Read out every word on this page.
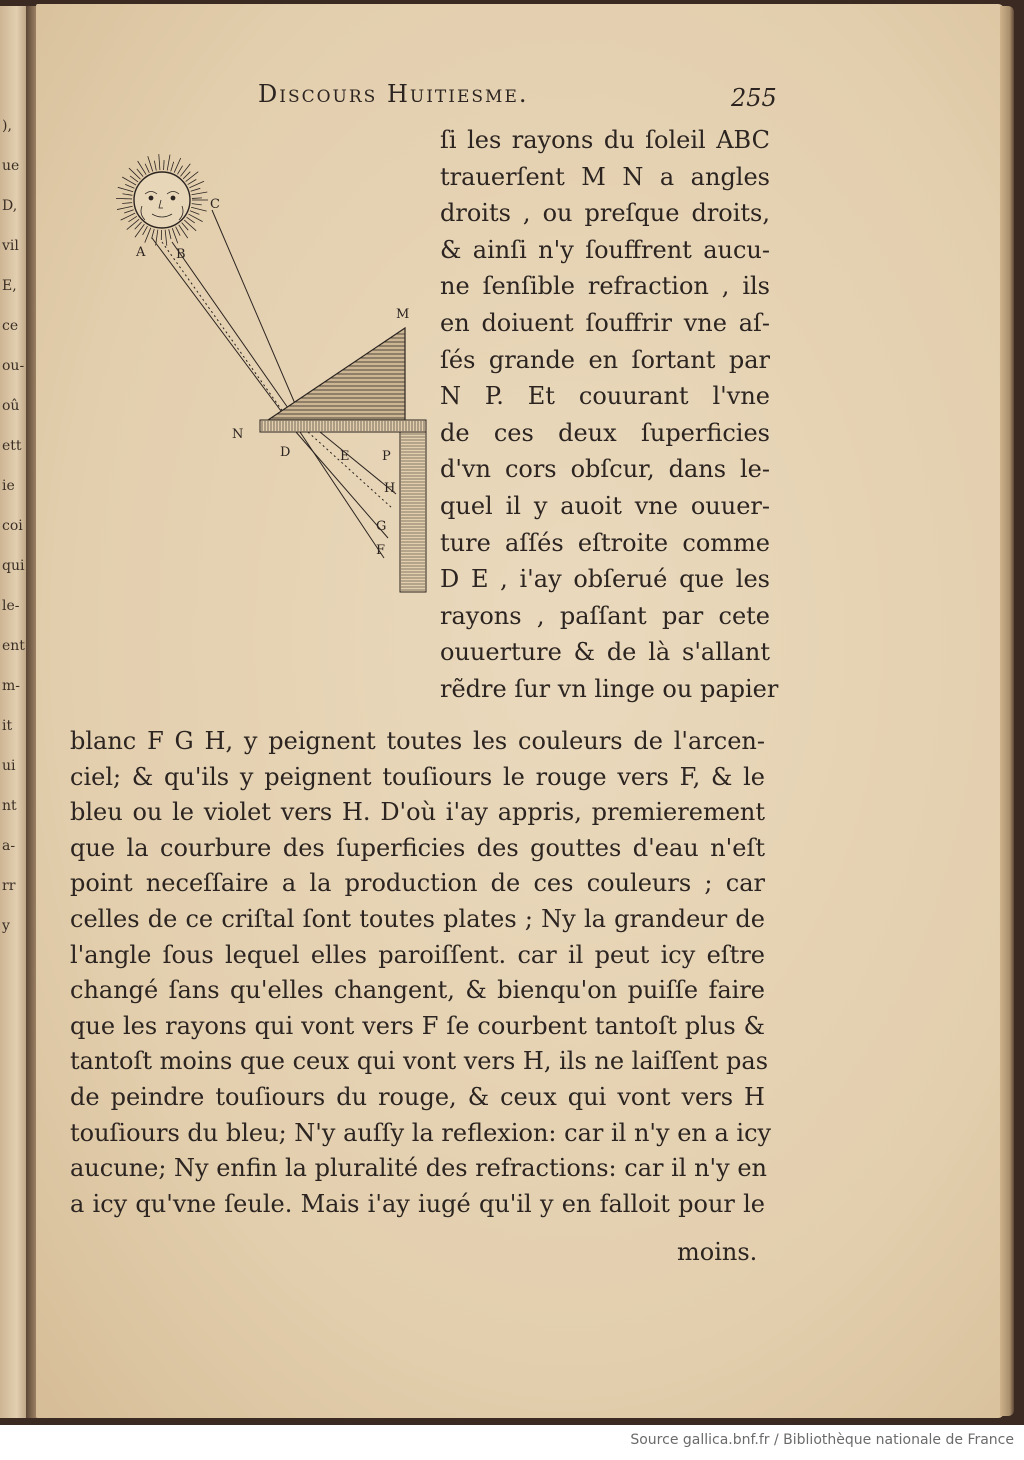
),
ue
D,
vil
E,
ce
ou-
oû
ett
ie
coi
qui
le-
ent
m-
it
ui
nt
a-
rr
y
Discours Huitiesme.	255
A B
C
M
N
D	E	P
H
G
F
ſi les rayons du ſoleil ABC
trauerſent M N a angles
droits , ou preſque droits,
& ainſi n'y ſouffrent aucu-
ne ſenſible refraction , ils
en doiuent ſouffrir vne aſ-
ſés grande en ſortant par
N P. Et couurant l'vne
de ces deux ſuperficies
d'vn cors obſcur, dans le-
quel il y auoit vne ouuer-
ture aſſés eſtroite comme
D E , i'ay obſerué que les
rayons , paſſant par cete
ouuerture & de là s'allant
rẽdre ſur vn linge ou papier
blanc F G H, y peignent toutes les couleurs de l'arcen-
ciel; & qu'ils y peignent touſiours le rouge vers F, & le
bleu ou le violet vers H. D'où i'ay appris, premierement
que la courbure des ſuperficies des gouttes d'eau n'eſt
point neceſſaire a la production de ces couleurs ; car
celles de ce criſtal ſont toutes plates ; Ny la grandeur de
l'angle ſous lequel elles paroiſſent. car il peut icy eſtre
changé ſans qu'elles changent, & bienqu'on puiſſe faire
que les rayons qui vont vers F ſe courbent tantoſt plus &
tantoſt moins que ceux qui vont vers H, ils ne laiſſent pas
de peindre touſiours du rouge, & ceux qui vont vers H
touſiours du bleu; N'y auſſy la reflexion: car il n'y en a icy
aucune; Ny enfin la pluralité des refractions: car il n'y en
a icy qu'vne ſeule. Mais i'ay iugé qu'il y en falloit pour le
moins.
Source gallica.bnf.fr / Bibliothèque nationale de France
